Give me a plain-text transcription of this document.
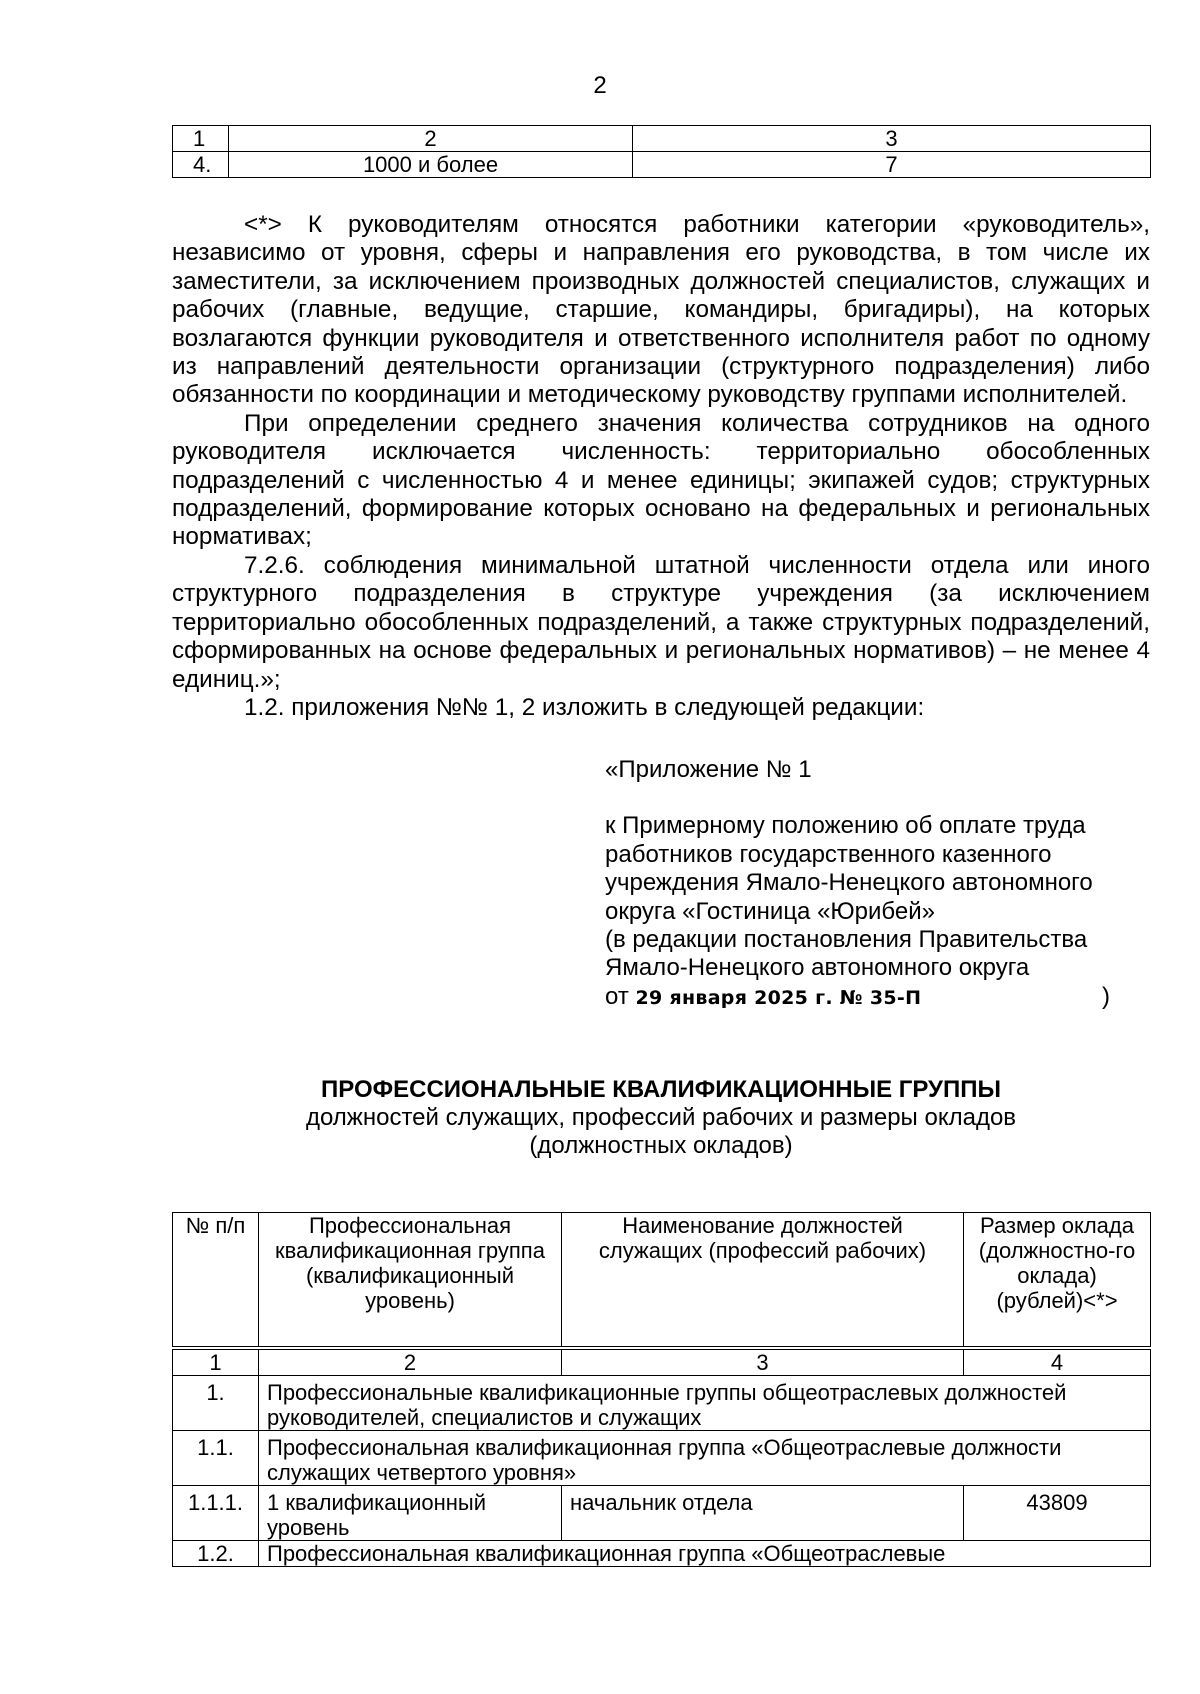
2
1	2	3
4.	1000 и более	7

<*> К руководителям относятся работники категории «руководитель», независимо от уровня, сферы и направления его руководства, в том числе их заместители, за исключением производных должностей специалистов, служащих и рабочих (главные, ведущие, старшие, командиры, бригадиры), на которых возлагаются функции руководителя и ответственного исполнителя работ по одному из направлений деятельности организации (структурного подразделения) либо обязанности по координации и методическому руководству группами исполнителей.

При определении среднего значения количества сотрудников на одного руководителя исключается численность: территориально обособленных подразделений с численностью 4 и менее единицы; экипажей судов; структурных подразделений, формирование которых основано на федеральных и региональных нормативах;

7.2.6. соблюдения минимальной штатной численности отдела или иного структурного подразделения в структуре учреждения (за исключением территориально обособленных подразделений, а также структурных подразделений, сформированных на основе федеральных и региональных нормативов) – не менее 4 единиц.»;

1.2. приложения №№ 1, 2 изложить в следующей редакции:

«Приложение № 1
к Примерному положению об оплате труда
работников государственного казенного
учреждения Ямало-Ненецкого автономного
округа «Гостиница «Юрибей»
(в редакции постановления Правительства
Ямало-Ненецкого автономного округа
от 29 января 2025 г. № 35-П	)
ПРОФЕССИОНАЛЬНЫЕ КВАЛИФИКАЦИОННЫЕ ГРУППЫ
должностей служащих, профессий рабочих и размеры окладов
(должностных окладов)
№ п/п	Профессиональная квалификационная группа (квалификационный уровень)	Наименование должностей служащих (профессий рабочих)	Размер оклада (должностно-го оклада) (рублей)<*>
1	2	3	4
1.	Профессиональные квалификационные группы общеотраслевых должностей руководителей, специалистов и служащих		
1.1.	Профессиональная квалификационная группа «Общеотраслевые должности служащих четвертого уровня»		
1.1.1.	1 квалификационный уровень	начальник отдела	43809
1.2.	Профессиональная квалификационная группа «Общеотраслевые		
